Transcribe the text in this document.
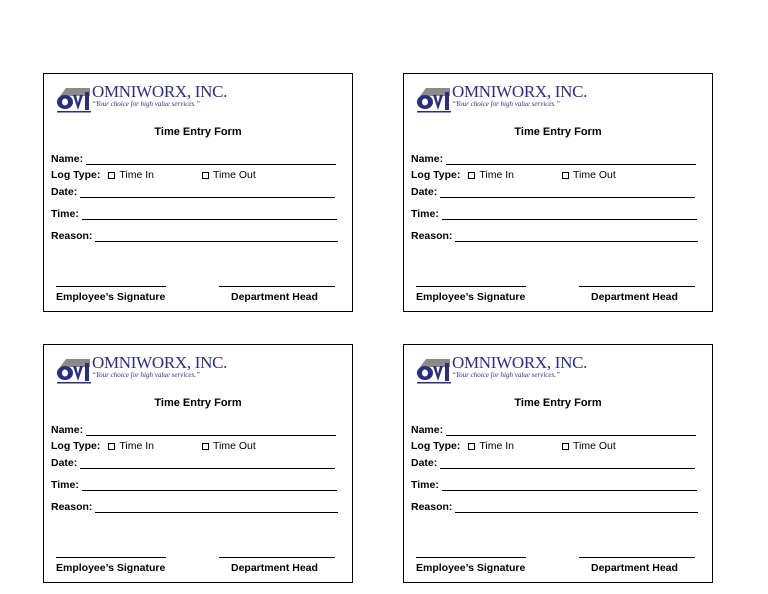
OMNIWORX, INC.
“Your choice for high value services.”
Time Entry Form
Name:
Log Type: Time In	Time Out
Date:
Time:
Reason:
Employee’s Signature	Department Head
OMNIWORX, INC.
“Your choice for high value services.”
Time Entry Form
Name:
Log Type: Time In	Time Out
Date:
Time:
Reason:
Employee’s Signature	Department Head
OMNIWORX, INC.
“Your choice for high value services.”
Time Entry Form
Name:
Log Type: Time In	Time Out
Date:
Time:
Reason:
Employee’s Signature	Department Head
OMNIWORX, INC.
“Your choice for high value services.”
Time Entry Form
Name:
Log Type: Time In	Time Out
Date:
Time:
Reason:
Employee’s Signature	Department Head
